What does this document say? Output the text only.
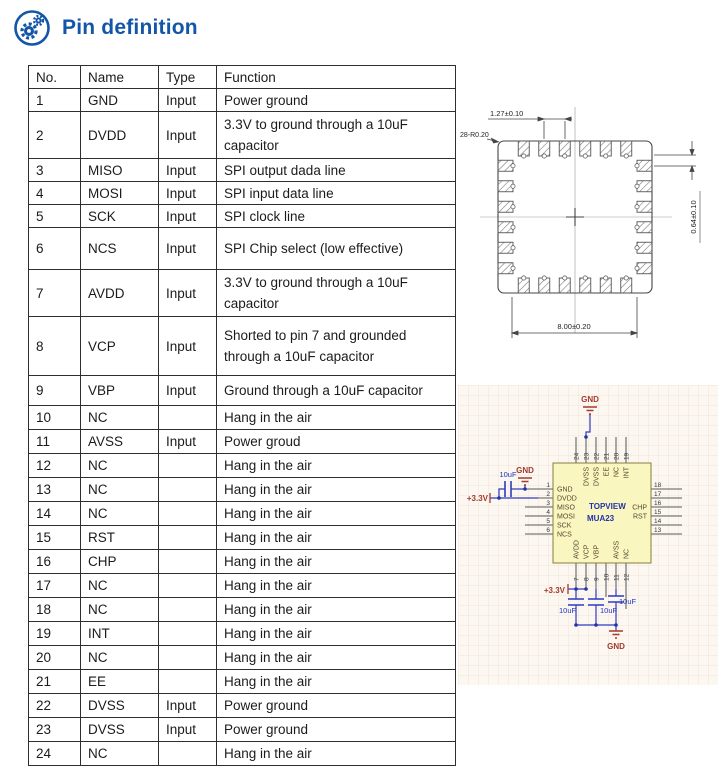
Pin definition
No.	Name	Type	Function
1	GND	Input	Power ground
2	DVDD	Input	3.3V to ground through a 10uF capacitor
3	MISO	Input	SPI output dada line
4	MOSI	Input	SPI input data line
5	SCK	Input	SPI clock line
6	NCS	Input	SPI Chip select (low effective)
7	AVDD	Input	3.3V to ground through a 10uF capacitor
8	VCP	Input	Shorted to pin 7 and grounded through a 10uF capacitor
9	VBP	Input	Ground through a 10uF capacitor
10	NC		Hang in the air
11	AVSS	Input	Power groud
12	NC		Hang in the air
13	NC		Hang in the air
14	NC		Hang in the air
15	RST		Hang in the air
16	CHP		Hang in the air
17	NC		Hang in the air
18	NC		Hang in the air
19	INT		Hang in the air
20	NC		Hang in the air
21	EE		Hang in the air
22	DVSS	Input	Power ground
23	DVSS	Input	Power ground
24	NC		Hang in the air
1.27±0.10
28-R0.20
8.00±0.20
0.64±0.10
GND
GND
GND
+3.3V
+3.3V
10uF
10uF	10uF
10uF
TOPVIEW
MUA23
24 23
DVSS
22
DVSS
21
EE
20
NC
19
INT
7
AVDD
8
VCP
9
VBP
10 11
AVSS
12
NC
1
GND
2
DVDD
3
MISO
4
MOSI
5
SCK
6
NCS
18
17
16
CHP
15
RST
14
13
